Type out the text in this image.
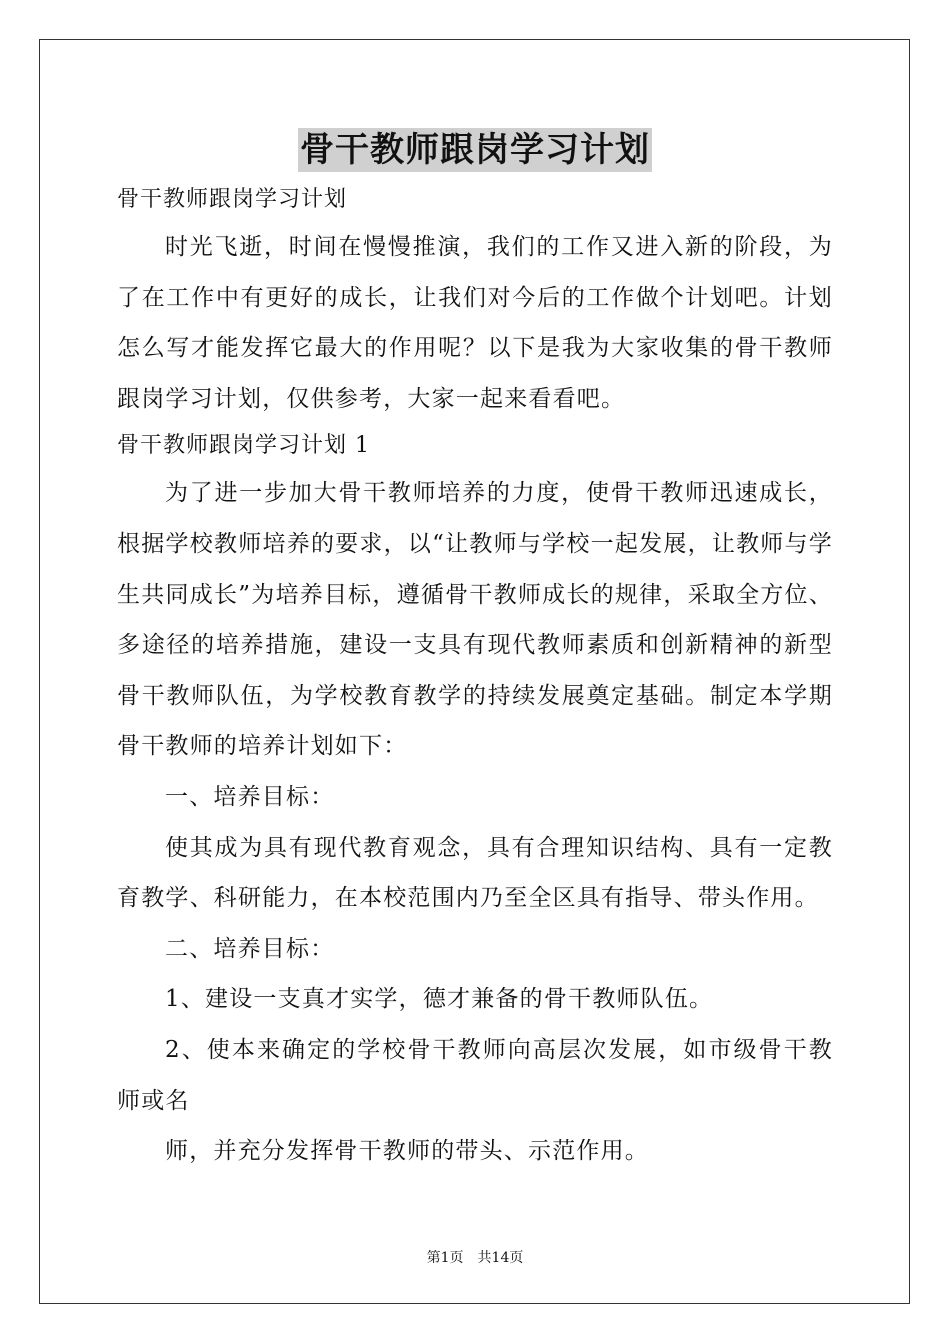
骨干教师跟岗学习计划

骨干教师跟岗学习计划

时光飞逝，时间在慢慢推演，我们的工作又进入新的阶段，为了在工作中有更好的成长，让我们对今后的工作做个计划吧。计划怎么写才能发挥它最大的作用呢？以下是我为大家收集的骨干教师跟岗学习计划，仅供参考，大家一起来看看吧。

骨干教师跟岗学习计划 1

为了进一步加大骨干教师培养的力度，使骨干教师迅速成长，根据学校教师培养的要求，以“让教师与学校一起发展，让教师与学生共同成长”为培养目标，遵循骨干教师成长的规律，采取全方位、多途径的培养措施，建设一支具有现代教师素质和创新精神的新型骨干教师队伍，为学校教育教学的持续发展奠定基础。制定本学期骨干教师的培养计划如下：

一、培养目标：

使其成为具有现代教育观念，具有合理知识结构、具有一定教育教学、科研能力，在本校范围内乃至全区具有指导、带头作用。

二、培养目标：

1、建设一支真才实学，德才兼备的骨干教师队伍。

2、使本来确定的学校骨干教师向高层次发展，如市级骨干教师或名

师，并充分发挥骨干教师的带头、示范作用。

第1页 共14页
